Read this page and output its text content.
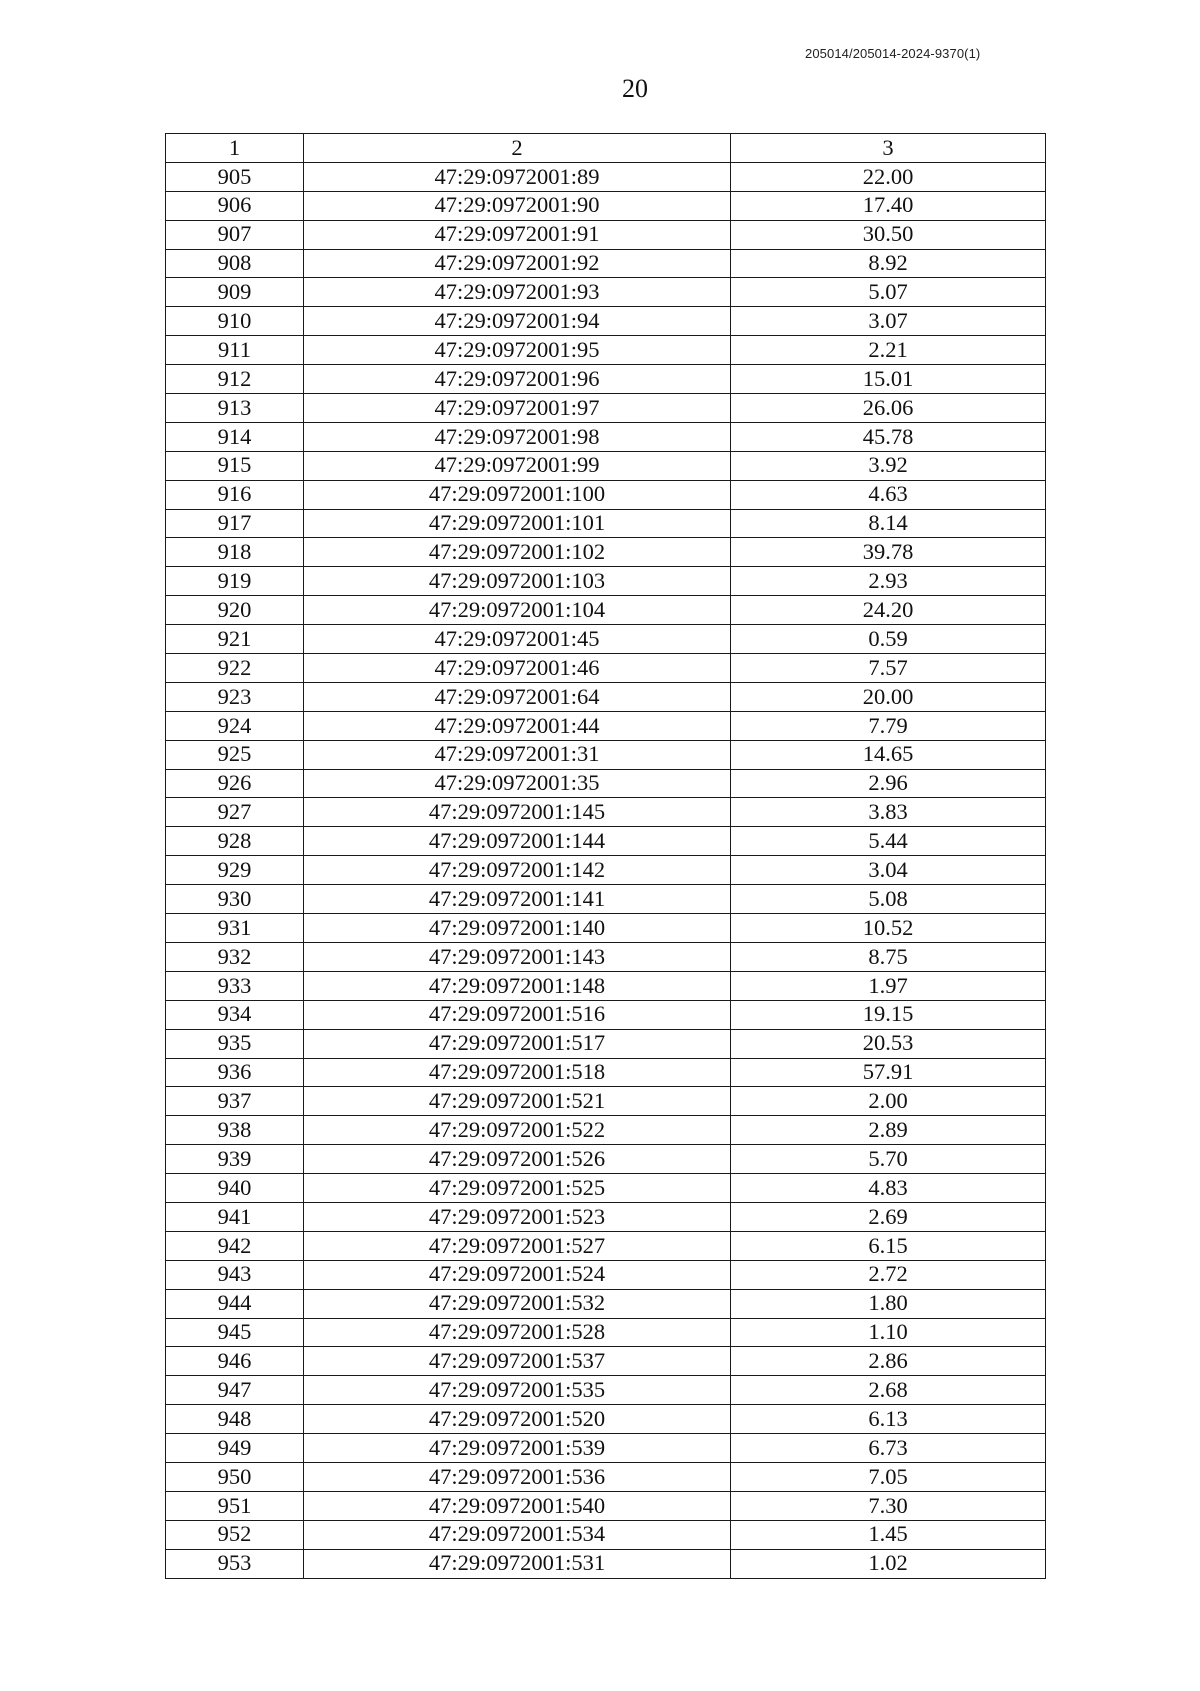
205014/205014-2024-9370(1)
20
1	2	3
905	47:29:0972001:89	22.00
906	47:29:0972001:90	17.40
907	47:29:0972001:91	30.50
908	47:29:0972001:92	8.92
909	47:29:0972001:93	5.07
910	47:29:0972001:94	3.07
911	47:29:0972001:95	2.21
912	47:29:0972001:96	15.01
913	47:29:0972001:97	26.06
914	47:29:0972001:98	45.78
915	47:29:0972001:99	3.92
916	47:29:0972001:100	4.63
917	47:29:0972001:101	8.14
918	47:29:0972001:102	39.78
919	47:29:0972001:103	2.93
920	47:29:0972001:104	24.20
921	47:29:0972001:45	0.59
922	47:29:0972001:46	7.57
923	47:29:0972001:64	20.00
924	47:29:0972001:44	7.79
925	47:29:0972001:31	14.65
926	47:29:0972001:35	2.96
927	47:29:0972001:145	3.83
928	47:29:0972001:144	5.44
929	47:29:0972001:142	3.04
930	47:29:0972001:141	5.08
931	47:29:0972001:140	10.52
932	47:29:0972001:143	8.75
933	47:29:0972001:148	1.97
934	47:29:0972001:516	19.15
935	47:29:0972001:517	20.53
936	47:29:0972001:518	57.91
937	47:29:0972001:521	2.00
938	47:29:0972001:522	2.89
939	47:29:0972001:526	5.70
940	47:29:0972001:525	4.83
941	47:29:0972001:523	2.69
942	47:29:0972001:527	6.15
943	47:29:0972001:524	2.72
944	47:29:0972001:532	1.80
945	47:29:0972001:528	1.10
946	47:29:0972001:537	2.86
947	47:29:0972001:535	2.68
948	47:29:0972001:520	6.13
949	47:29:0972001:539	6.73
950	47:29:0972001:536	7.05
951	47:29:0972001:540	7.30
952	47:29:0972001:534	1.45
953	47:29:0972001:531	1.02
